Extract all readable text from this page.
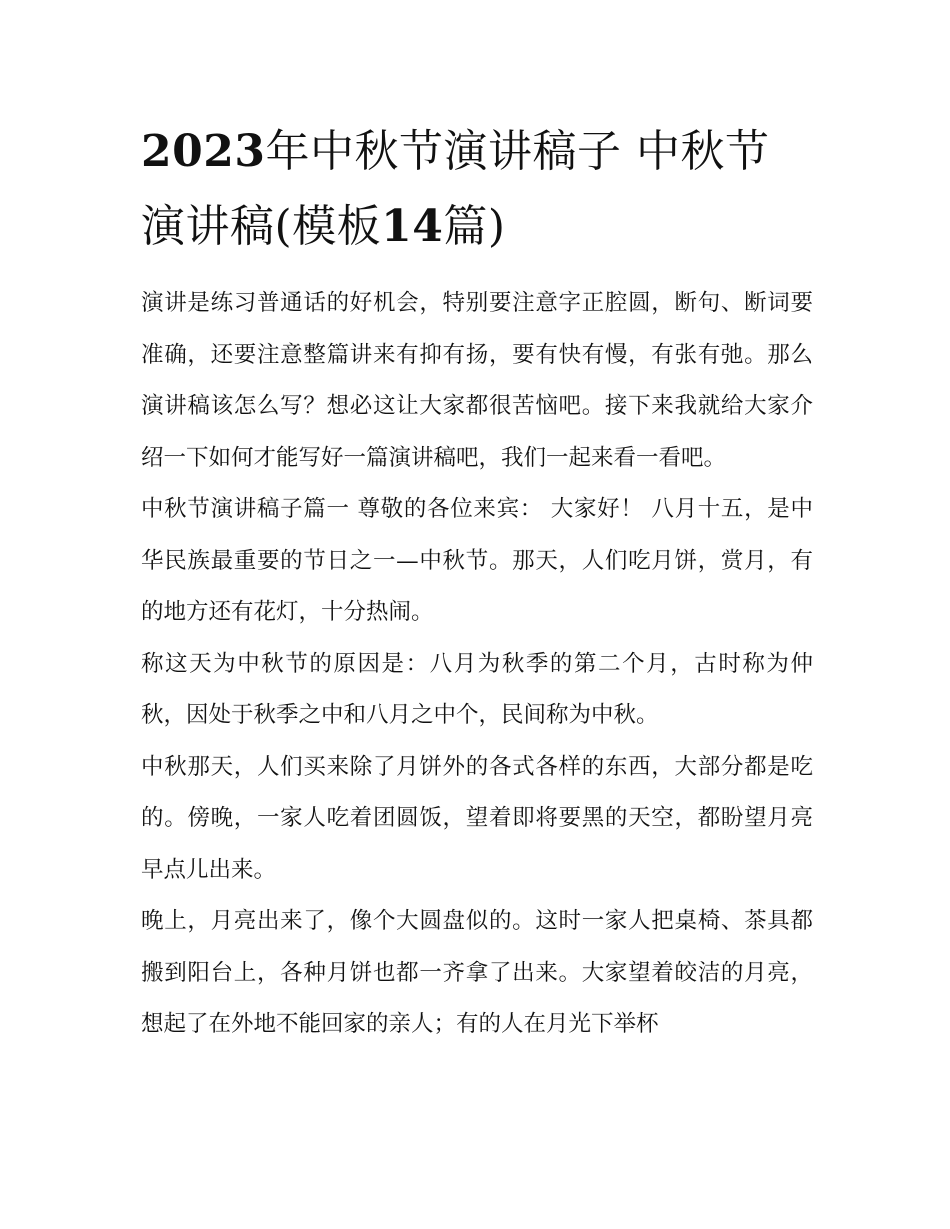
2023年中秋节演讲稿子 中秋节演讲稿(模板14篇)

演讲是练习普通话的好机会，特别要注意字正腔圆，断句、断词要准确，还要注意整篇讲来有抑有扬，要有快有慢，有张有弛。那么演讲稿该怎么写？想必这让大家都很苦恼吧。接下来我就给大家介绍一下如何才能写好一篇演讲稿吧，我们一起来看一看吧。

中秋节演讲稿子篇一 尊敬的各位来宾： 大家好！ 八月十五，是中华民族最重要的节日之一—中秋节。那天，人们吃月饼，赏月，有的地方还有花灯，十分热闹。

称这天为中秋节的原因是：八月为秋季的第二个月，古时称为仲秋，因处于秋季之中和八月之中个，民间称为中秋。

中秋那天，人们买来除了月饼外的各式各样的东西，大部分都是吃的。傍晚，一家人吃着团圆饭，望着即将要黑的天空，都盼望月亮早点儿出来。

晚上，月亮出来了，像个大圆盘似的。这时一家人把桌椅、茶具都搬到阳台上，各种月饼也都一齐拿了出来。大家望着皎洁的月亮，想起了在外地不能回家的亲人；有的人在月光下举杯
